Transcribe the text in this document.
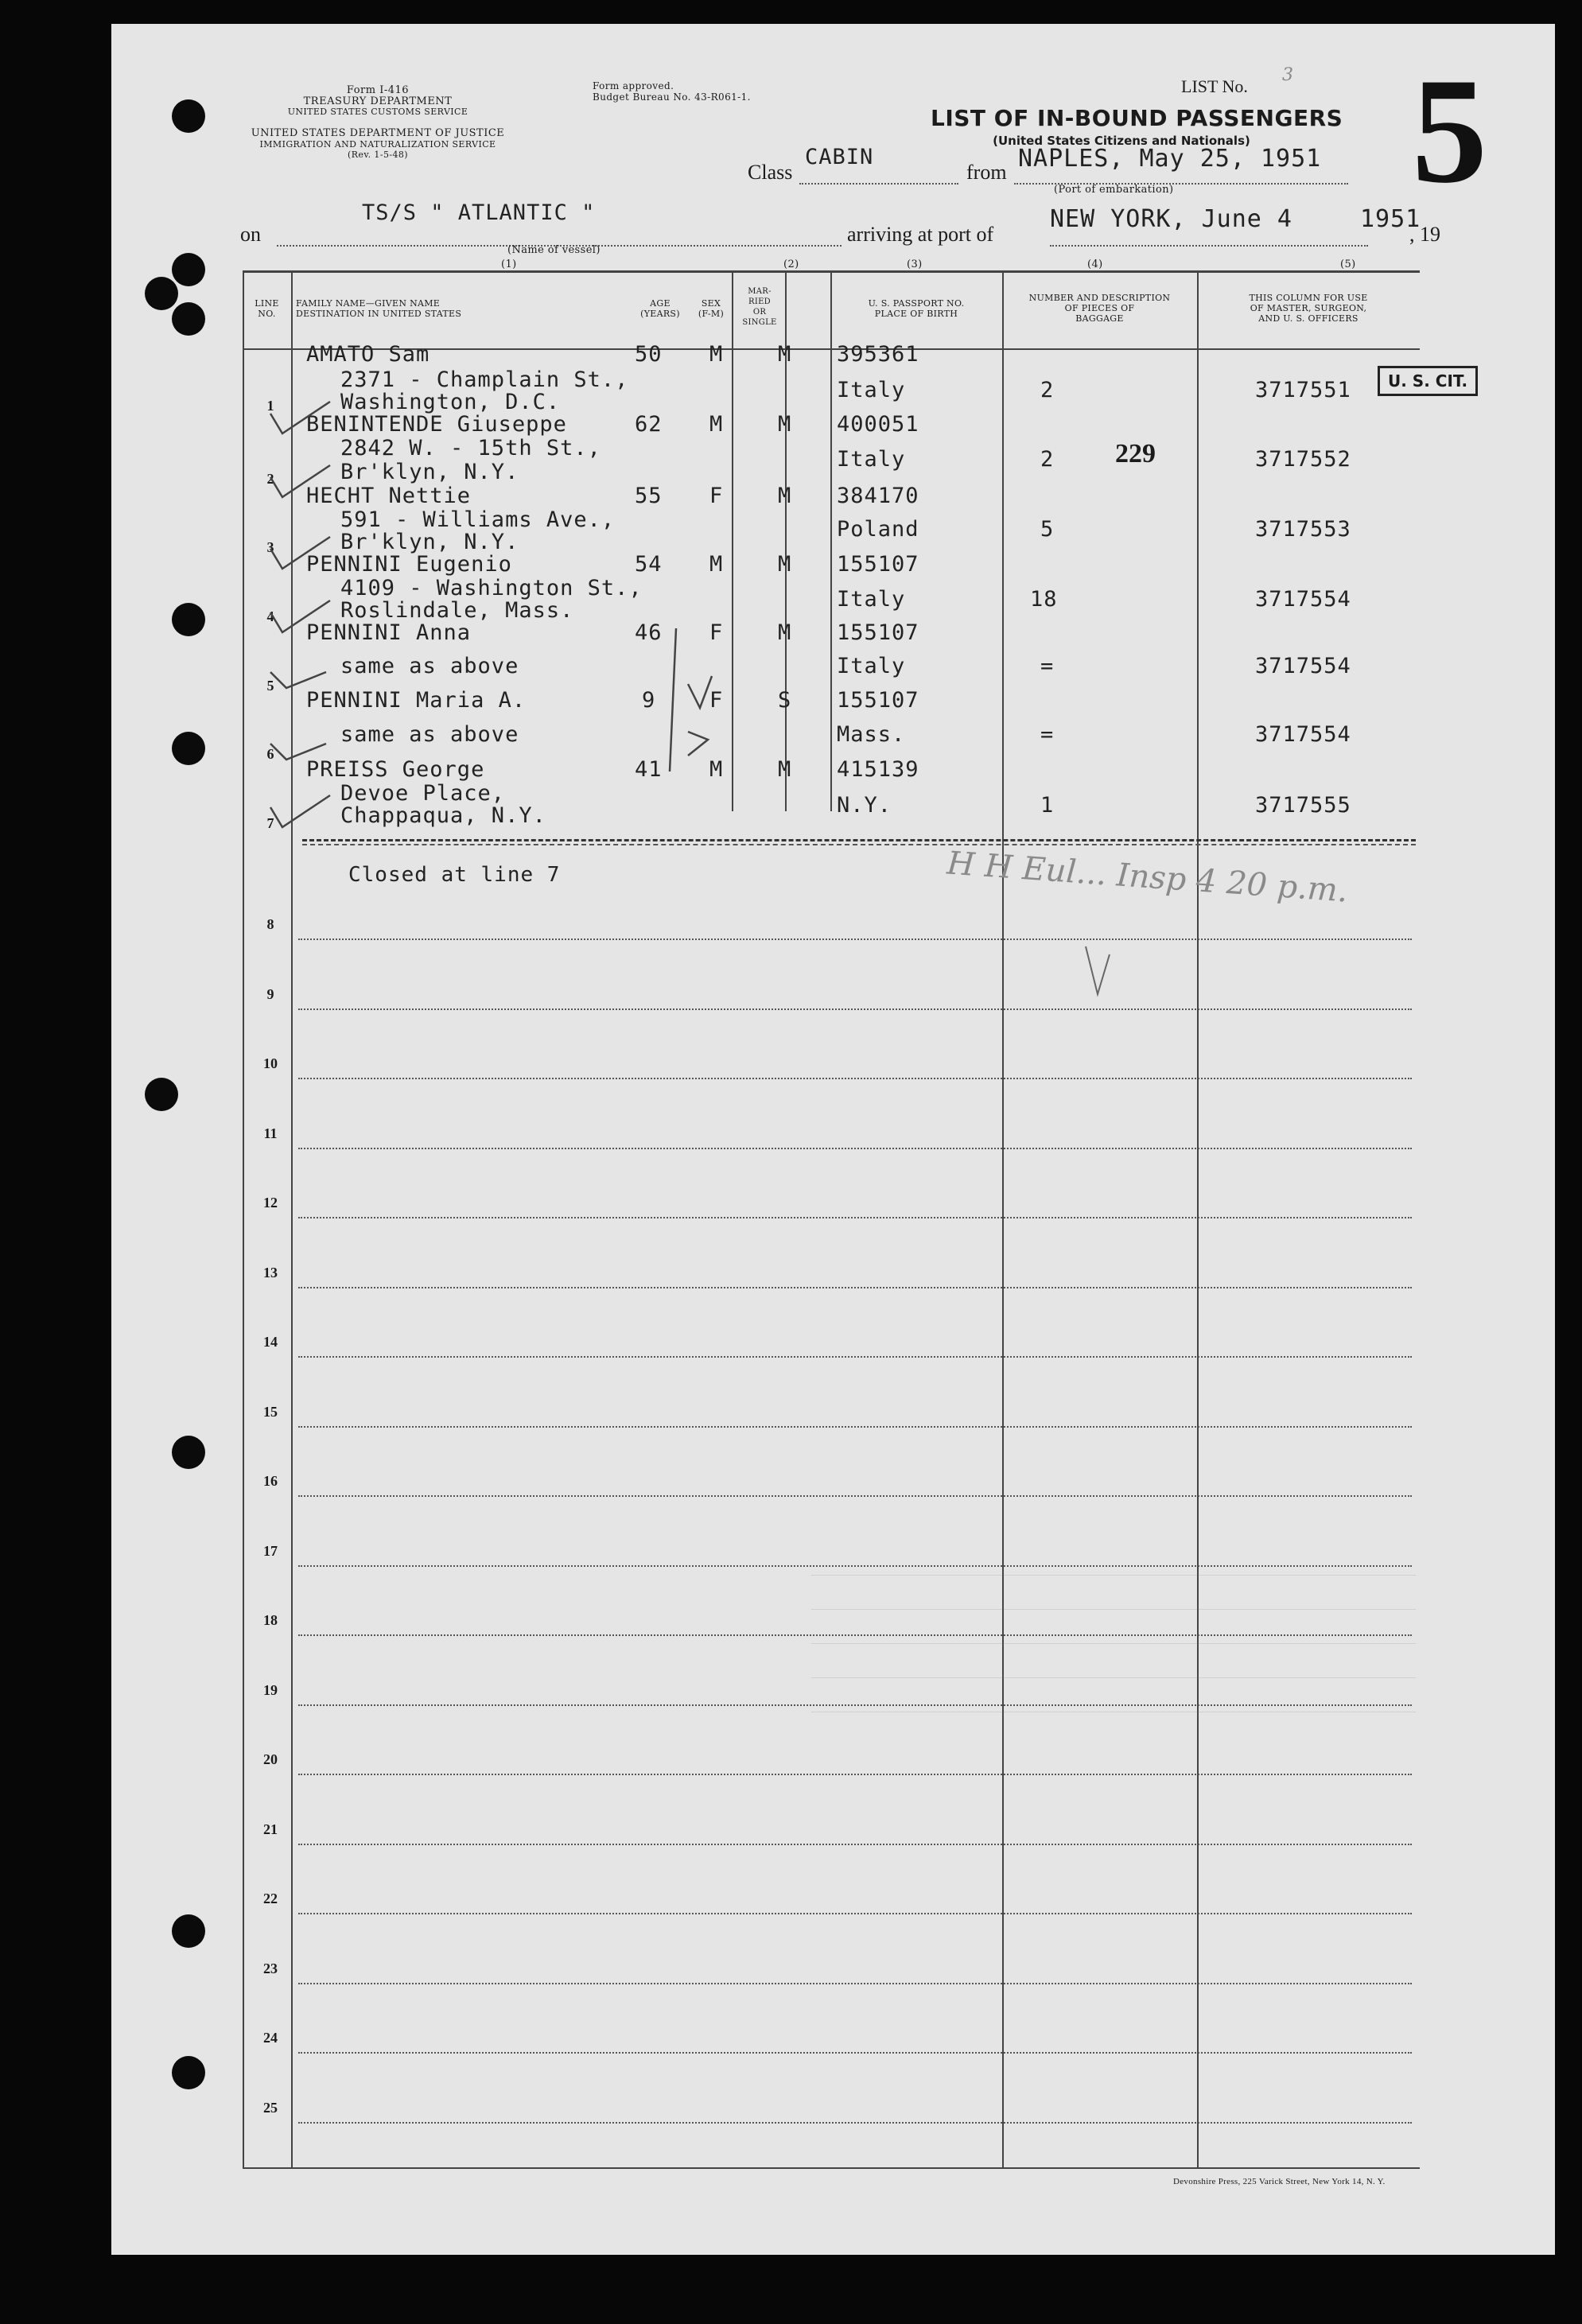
Form I-416
TREASURY DEPARTMENT
UNITED STATES CUSTOMS SERVICE
UNITED STATES DEPARTMENT OF JUSTICE
IMMIGRATION AND NATURALIZATION SERVICE
(Rev. 1-5-48)
Form approved.
Budget Bureau No. 43-R061-1.
LIST No.
3
LIST OF IN-BOUND PASSENGERS
(United States Citizens and Nationals)	5
Class
CABIN
from NAPLES, May 25, 1951
(Port of embarkation)
on
TS/S " ATLANTIC "
(Name of vessel)
arriving at port of
NEW YORK, June 4	1951
, 19
(1)	(2)	(3)	(4)	(5)
LINE
NO.
FAMILY NAME—GIVEN NAME
DESTINATION IN UNITED STATES
AGE
(YEARS)
SEX
(F-M)
MAR-
RIED
OR
SINGLE
U. S. PASSPORT NO.
PLACE OF BIRTH
NUMBER AND DESCRIPTION
OF PIECES OF
BAGGAGE
THIS COLUMN FOR USE
OF MASTER, SURGEON,
AND U. S. OFFICERS
AMATO Sam
2371 - Champlain St.,
Washington, D.C.
50 M	M 395361
Italy	2	3717551
1
BENINTENDE Giuseppe
2842 W. - 15th St.,
Br'klyn, N.Y.
62 M	M 400051
Italy	2	3717552
2
HECHT Nettie
591 - Williams Ave.,
Br'klyn, N.Y.
55 F	M 384170
Poland	5	3717553
3
PENNINI Eugenio
4109 - Washington St.,
Roslindale, Mass.
54 M	M 155107
Italy	18	3717554
4
PENNINI Anna
same as above
46 F	M 155107
Italy	=	3717554
5
PENNINI Maria A.
same as above
9	F	S 155107
Mass.	=	3717554
6
PREISS George
Devoe Place,
Chappaqua, N.Y.
41 M	M 415139
N.Y.	1	3717555
7
U. S. CIT.
229
Closed at line 7	H H Eul... Insp 4 20 p.m.
8
9
10
11
12
13
14
15
16
17
18
19
20
21
22
23
24
25
Devonshire Press, 225 Varick Street, New York 14, N. Y.
